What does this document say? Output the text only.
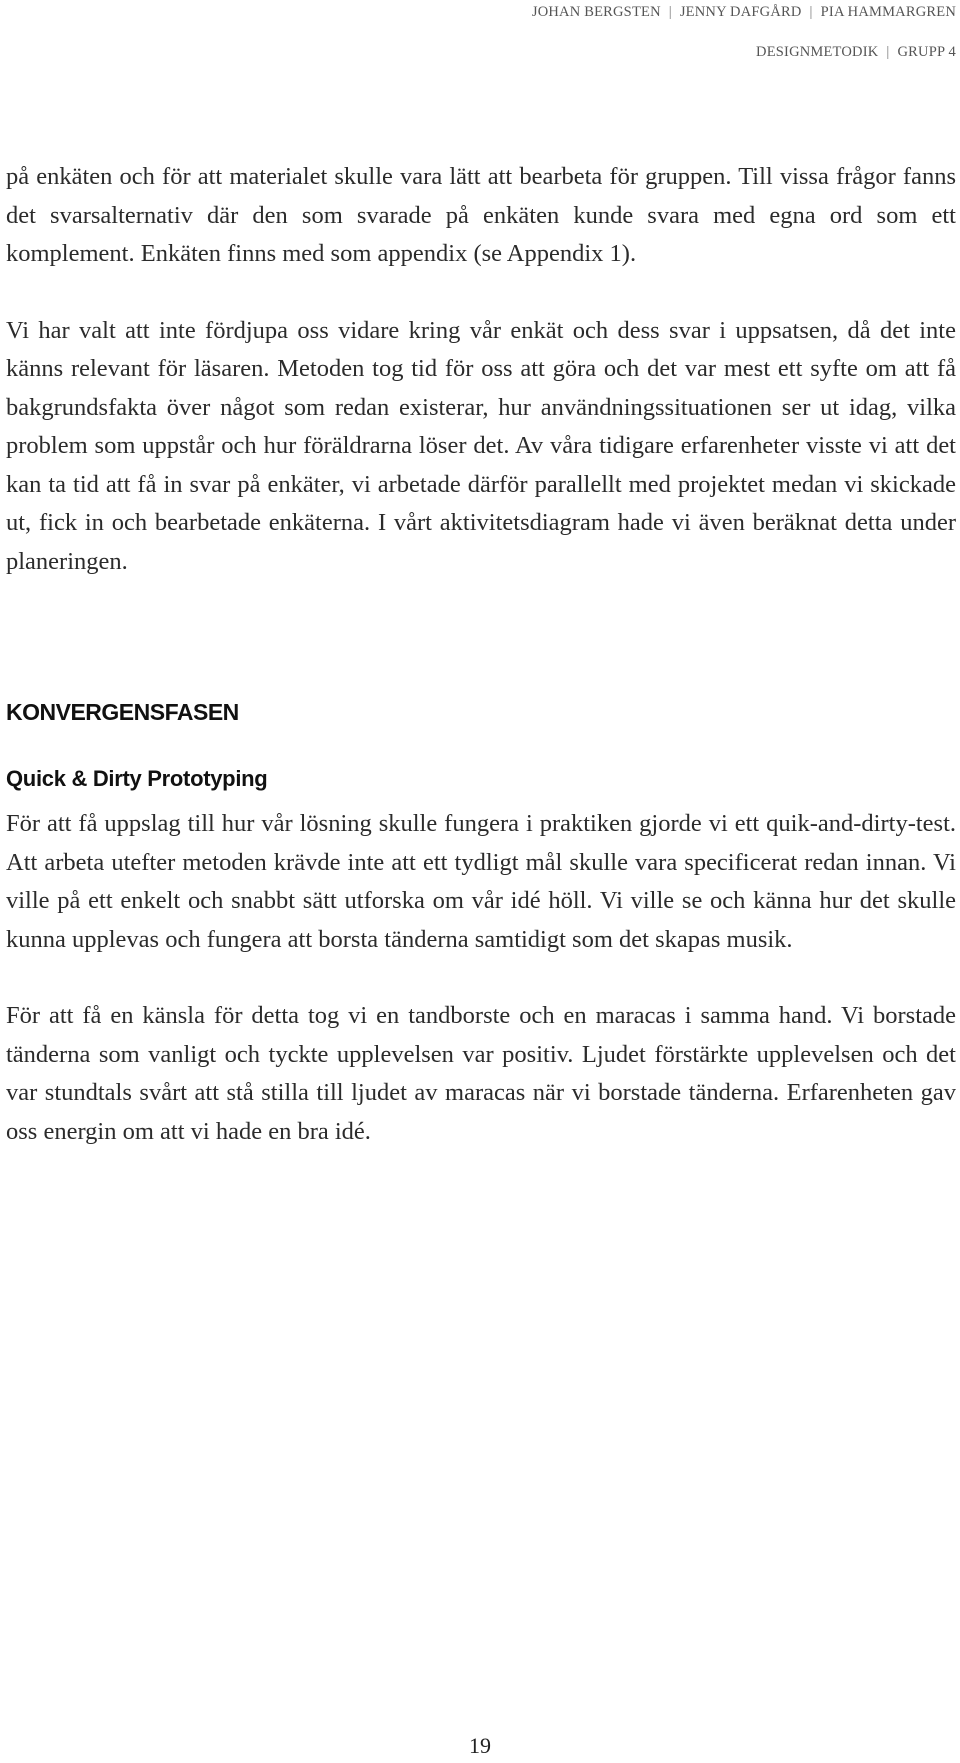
JOHAN BERGSTEN | JENNY DAFGÅRD | PIA HAMMARGREN
DESIGNMETODIK | GRUPP 4

på enkäten och för att materialet skulle vara lätt att bearbeta för gruppen. Till vissa frågor fanns det svarsalternativ där den som svarade på enkäten kunde svara med egna ord som ett komplement. Enkäten finns med som appendix (se Appendix 1).

Vi har valt att inte fördjupa oss vidare kring vår enkät och dess svar i uppsatsen, då det inte känns relevant för läsaren. Metoden tog tid för oss att göra och det var mest ett syfte om att få bakgrundsfakta över något som redan existerar, hur användningssituationen ser ut idag, vilka problem som uppstår och hur föräldrarna löser det. Av våra tidigare erfarenheter visste vi att det kan ta tid att få in svar på enkäter, vi arbetade därför parallellt med projektet medan vi skickade ut, fick in och bearbetade enkäterna. I vårt aktivitetsdiagram hade vi även beräknat detta under planeringen.

KONVERGENSFASEN
Quick & Dirty Prototyping

För att få uppslag till hur vår lösning skulle fungera i praktiken gjorde vi ett quik-and-dirty-test. Att arbeta utefter metoden krävde inte att ett tydligt mål skulle vara specificerat redan innan. Vi ville på ett enkelt och snabbt sätt utforska om vår idé höll. Vi ville se och känna hur det skulle kunna upplevas och fungera att borsta tänderna samtidigt som det skapas musik.

För att få en känsla för detta tog vi en tandborste och en maracas i samma hand. Vi borstade tänderna som vanligt och tyckte upplevelsen var positiv. Ljudet förstärkte upplevelsen och det var stundtals svårt att stå stilla till ljudet av maracas när vi borstade tänderna. Erfarenheten gav oss energin om att vi hade en bra idé.

19
